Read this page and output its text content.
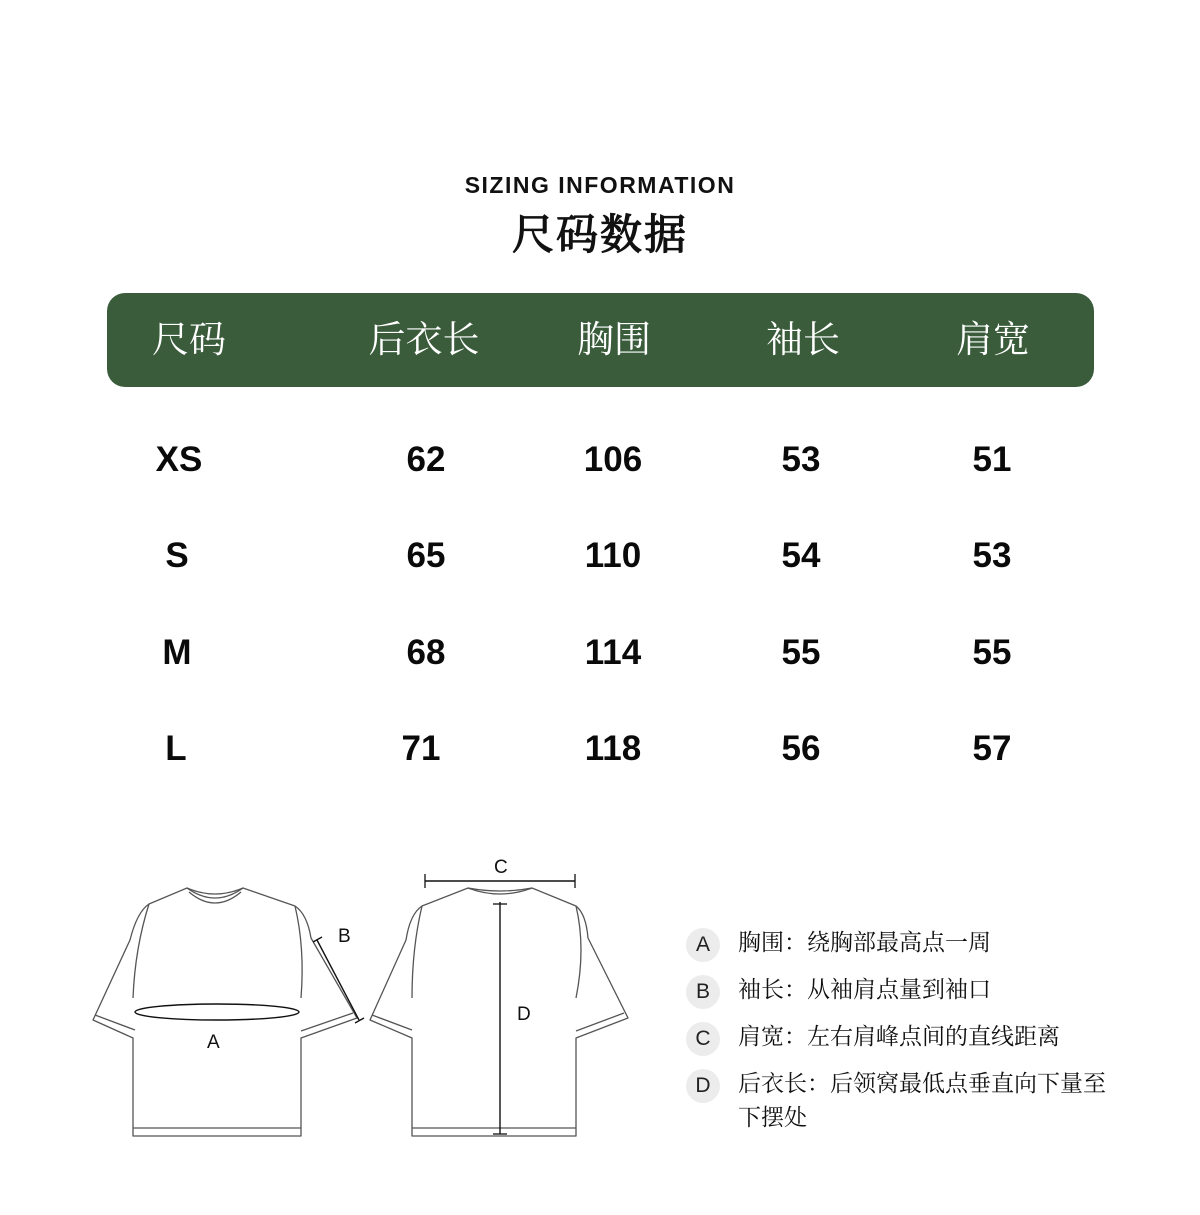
SIZING INFORMATION
尺码数据
尺码	后衣长	胸围	袖长	肩宽
XS	62	106	53	51
S	65	110	54	53
M	68	114	55	55
L	71	118	56	57
A
B
C
D
A	胸围：绕胸部最高点一周
B	袖长：从袖肩点量到袖口
C	肩宽：左右肩峰点间的直线距离
D	后衣长：后领窝最低点垂直向下量至下摆处
